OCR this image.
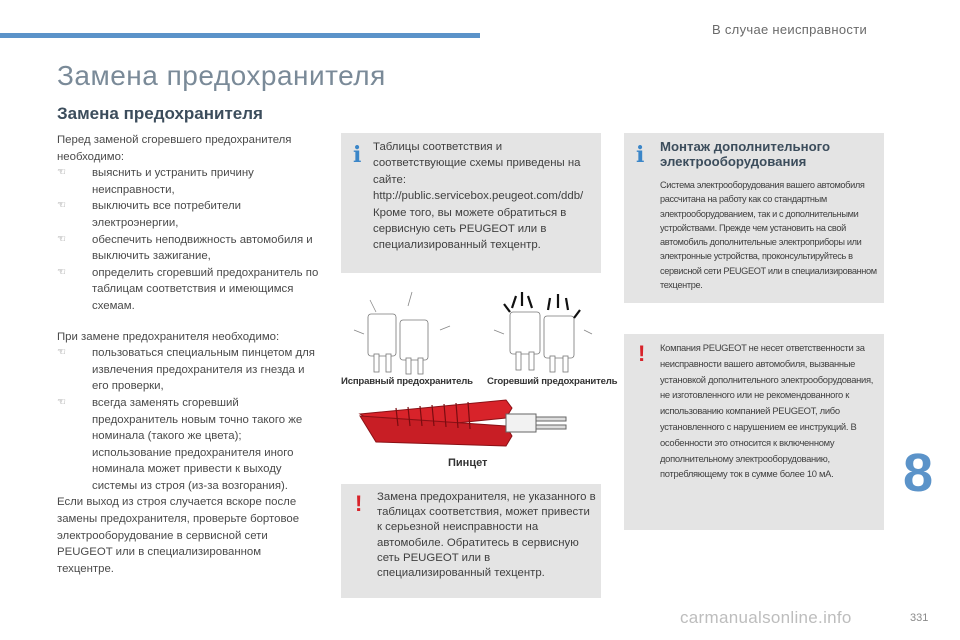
В случае неисправности
Замена предохранителя
Замена предохранителя

Перед заменой сгоревшего предохранителя необходимо:

☜ выяснить и устранить причину неисправности,
☜ выключить все потребители электроэнергии,
☜ обеспечить неподвижность автомобиля и выключить зажигание,
☜ определить сгоревший предохранитель по таблицам соответствия и имеющимся схемам.

При замене предохранителя необходимо:

☜ пользоваться специальным пинцетом для извлечения предохранителя из гнезда и его проверки,
☜ всегда заменять сгоревший предохранитель новым точно такого же номинала (такого же цвета); использование предохранителя иного номинала может привести к выходу системы из строя (из-за возгорания).

Если выход из строя случается вскоре после замены предохранителя, проверьте бортовое электрооборудование в сервисной сети PEUGEOT или в специализированном техцентре.

i Таблицы соответствия и соответствующие схемы приведены на сайте: http://public.servicebox.peugeot.com/ddb/ Кроме того, вы можете обратиться в сервисную сеть PEUGEOT или в специализированный техцентр.
Исправный предохранитель Сгоревший предохранитель
Пинцет
! Замена предохранителя, не указанного в таблицах соответствия, может привести к серьезной неисправности на автомобиле. Обратитесь в сервисную сеть PEUGEOT или в специализированный техцентр.
i Монтаж дополнительного электрооборудования
Система электрооборудования вашего автомобиля рассчитана на работу как со стандартным электрооборудованием, так и с дополнительными устройствами. Прежде чем установить на свой автомобиль дополнительные электроприборы или электронные устройства, проконсультируйтесь в сервисной сети PEUGEOT или в специализированном техцентре.
! Компания PEUGEOT не несет ответственности за неисправности вашего автомобиля, вызванные установкой дополнительного электрооборудования, не изготовленного или не рекомендованного к использованию компанией PEUGEOT, либо установленного с нарушением ее инструкций. В особенности это относится к включенному дополнительному электрооборудованию, потребляющему ток в сумме более 10 мА.	8
carmanualsonline.info	331
